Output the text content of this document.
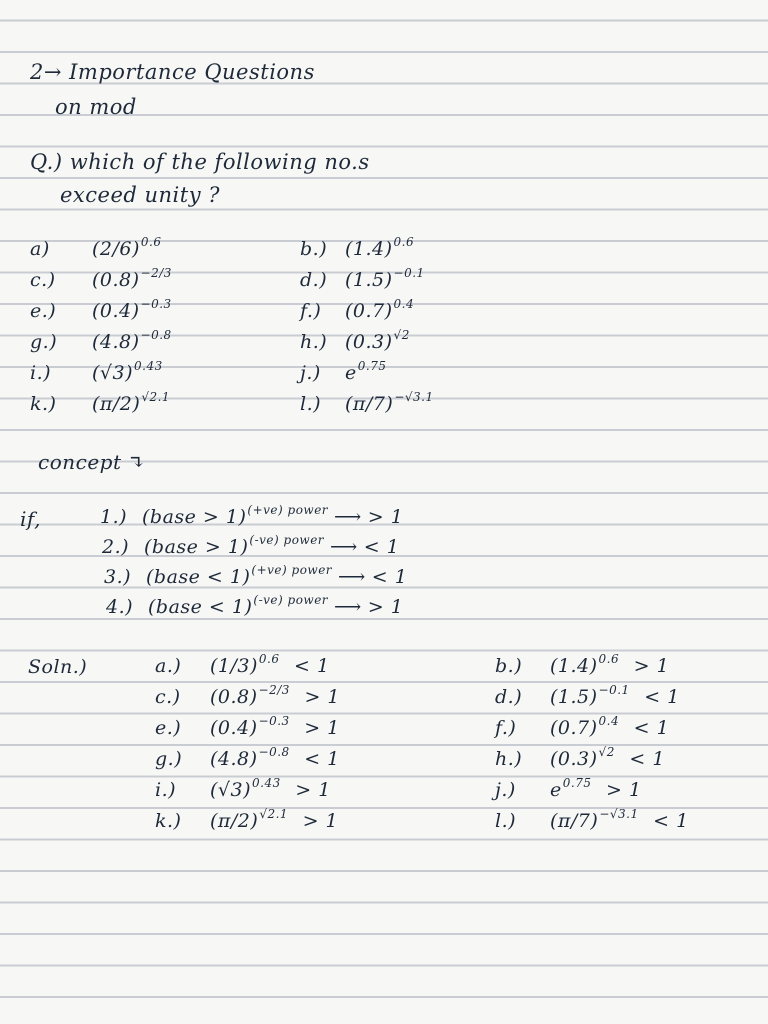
2→ Importance Questions
on mod
Q.) which of the following no.s
exceed unity ?
a) $(2/6)^{0.6}$	b.) $(1.4)^{0.6}$
c.) $(0.8)^{-2/3}$	d.) $(1.5)^{-0.1}$
e.) $(0.4)^{-0.3}$	f.) $(0.7)^{0.4}$
g.) $(4.8)^{-0.8}$	h.) $(0.3)^{√2}$
i.) $(√3)^{0.43}$	j.) $e^{0.75}$
k.) $(\pi/2)^{√2.1}$	l.) $(\pi/7)^{-√3.1}$
concept ↴
if,	1.) (base > 1)$^{(+ve) power}$ ⟶ > 1
2.) (base > 1)$^{(-ve) power}$ ⟶ < 1
3.) (base < 1)$^{(+ve) power}$ ⟶ < 1
4.) (base < 1)$^{(-ve) power}$ ⟶ > 1
Soln.)	a.) $(1/3)^{0.6} < 1$	b.) $(1.4)^{0.6} > 1$
c.) $(0.8)^{-2/3} > 1$	d.) $(1.5)^{-0.1} < 1$
e.) $(0.4)^{-0.3} > 1$	f.) $(0.7)^{0.4} < 1$
g.) $(4.8)^{-0.8} < 1$	h.) $(0.3)^{√2} < 1$
i.) $(√3)^{0.43} > 1$	j.) $e^{0.75} > 1$
k.) $(\pi/2)^{√2.1} > 1$	l.) $(\pi/7)^{-√3.1} < 1$
